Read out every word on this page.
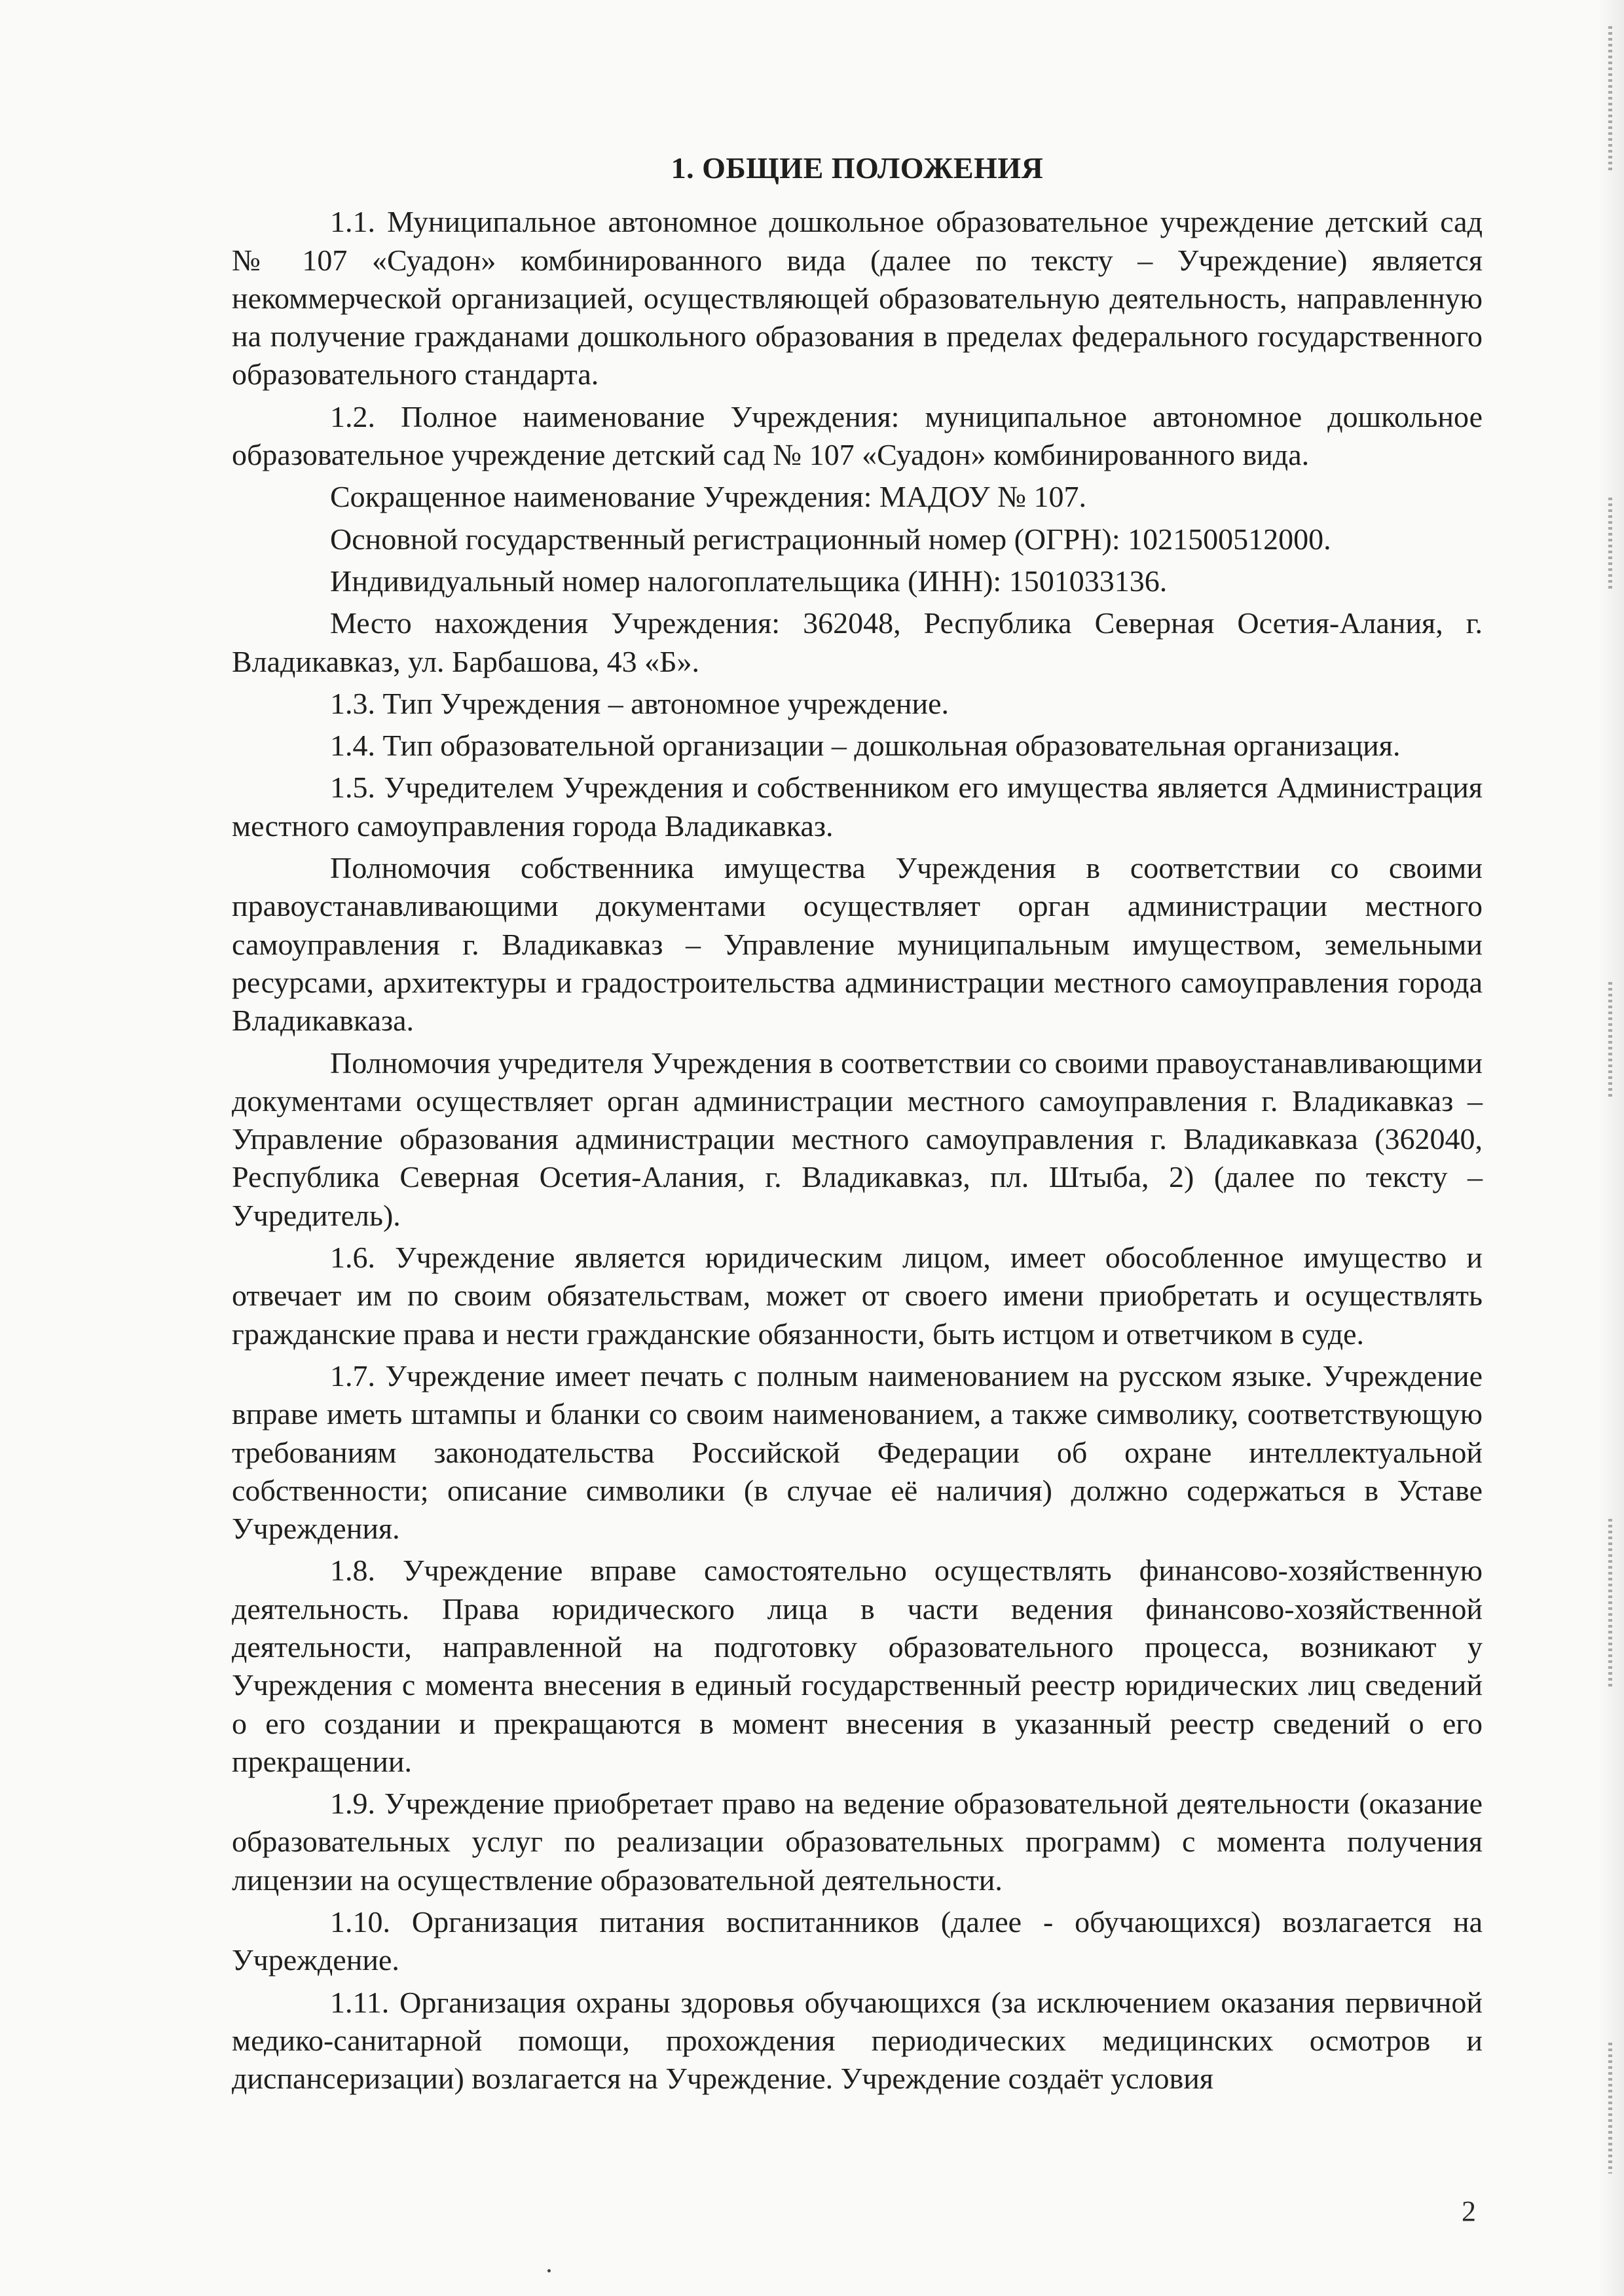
1. ОБЩИЕ ПОЛОЖЕНИЯ

1.1. Муниципальное автономное дошкольное образовательное учреждение детский сад № 107 «Суадон» комбинированного вида (далее по тексту – Учреждение) является некоммерческой организацией, осуществляющей образовательную деятельность, направленную на получение гражданами дошкольного образования в пределах федерального государственного образовательного стандарта.

1.2. Полное наименование Учреждения: муниципальное автономное дошкольное образовательное учреждение детский сад № 107 «Суадон» комбинированного вида.

Сокращенное наименование Учреждения: МАДОУ № 107.

Основной государственный регистрационный номер (ОГРН): 1021500512000.

Индивидуальный номер налогоплательщика (ИНН): 1501033136.

Место нахождения Учреждения: 362048, Республика Северная Осетия-Алания, г. Владикавказ, ул. Барбашова, 43 «Б».

1.3. Тип Учреждения – автономное учреждение.

1.4. Тип образовательной организации – дошкольная образовательная организация.

1.5. Учредителем Учреждения и собственником его имущества является Администрация местного самоуправления города Владикавказ.

Полномочия собственника имущества Учреждения в соответствии со своими правоустанавливающими документами осуществляет орган администрации местного самоуправления г. Владикавказ – Управление муниципальным имуществом, земельными ресурсами, архитектуры и градостроительства администрации местного самоуправления города Владикавказа.

Полномочия учредителя Учреждения в соответствии со своими правоустанавливающими документами осуществляет орган администрации местного самоуправления г. Владикавказ – Управление образования администрации местного самоуправления г. Владикавказа (362040, Республика Северная Осетия-Алания, г. Владикавказ, пл. Штыба, 2) (далее по тексту – Учредитель).

1.6. Учреждение является юридическим лицом, имеет обособленное имущество и отвечает им по своим обязательствам, может от своего имени приобретать и осуществлять гражданские права и нести гражданские обязанности, быть истцом и ответчиком в суде.

1.7. Учреждение имеет печать с полным наименованием на русском языке. Учреждение вправе иметь штампы и бланки со своим наименованием, а также символику, соответствующую требованиям законодательства Российской Федерации об охране интеллектуальной собственности; описание символики (в случае её наличия) должно содержаться в Уставе Учреждения.

1.8. Учреждение вправе самостоятельно осуществлять финансово-хозяйственную деятельность. Права юридического лица в части ведения финансово-хозяйственной деятельности, направленной на подготовку образовательного процесса, возникают у Учреждения с момента внесения в единый государственный реестр юридических лиц сведений о его создании и прекращаются в момент внесения в указанный реестр сведений о его прекращении.

1.9. Учреждение приобретает право на ведение образовательной деятельности (оказание образовательных услуг по реализации образовательных программ) с момента получения лицензии на осуществление образовательной деятельности.

1.10. Организация питания воспитанников (далее - обучающихся) возлагается на Учреждение.

1.11. Организация охраны здоровья обучающихся (за исключением оказания первичной медико-санитарной помощи, прохождения периодических медицинских осмотров и диспансеризации) возлагается на Учреждение. Учреждение создаёт условия

2
